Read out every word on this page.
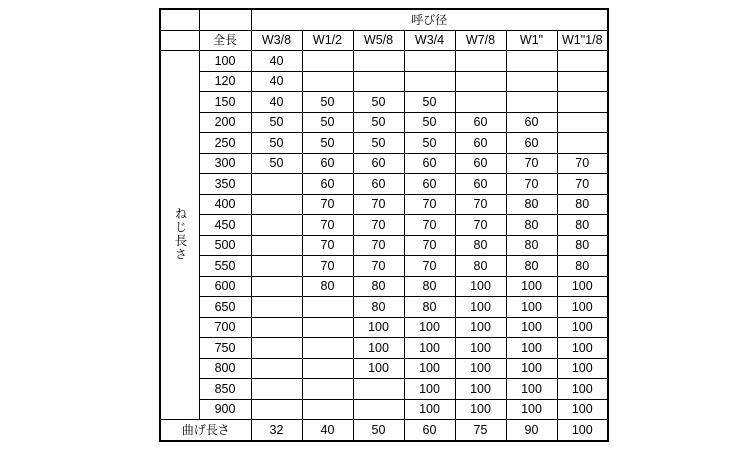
		呼び径						
	全長	W3/8	W1/2	W5/8	W3/4	W7/8	W1"	W1"1/8
ねじ長さ	100	40						
	120	40						
	150	40	50	50	50			
	200	50	50	50	50	60	60	
	250	50	50	50	50	60	60	
	300	50	60	60	60	60	70	70
	350		60	60	60	60	70	70
	400		70	70	70	70	80	80
	450		70	70	70	70	80	80
	500		70	70	70	80	80	80
	550		70	70	70	80	80	80
	600		80	80	80	100	100	100
	650			80	80	100	100	100
	700			100	100	100	100	100
	750			100	100	100	100	100
	800			100	100	100	100	100
	850				100	100	100	100
	900				100	100	100	100
曲げ長さ		32	40	50	60	75	90	100
